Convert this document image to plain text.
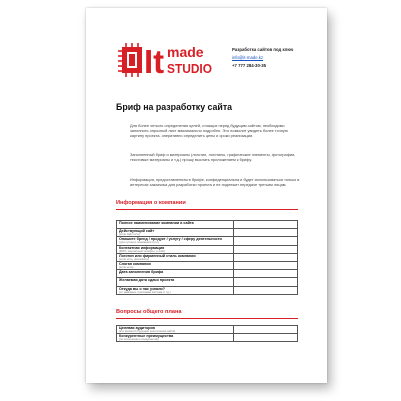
It made
STUDIO
Разработка сайтов под ключ
info@it-made.kz
+7 777 284-30-35
Бриф на разработку сайта
Для более четкого определения целей, стоящих перед будущим сайтом, необходимо заполнить опросный лист максимально подробно. Это позволит увидеть более точную картину проекта, оперативно определить цены и сроки реализации.
Заполненный бриф и материалы (логотип, логотипы, графические элементы, фотографии, текстовые материалы и т.д.) прошу выслать приложением к брифу.
Информация, предоставленная в брифе, конфиденциальна и будет использоваться только в интересах заказчика для разработки проекта и не подлежит передаче третьим лицам.
Информация о компании
Полное наименование компании и сайта	

Действующий сайт
(если сайт есть)	

Опишите бренд / продукт / услугу / сферу деятельности
(для лучшего понимания сути)	

Контактная информация
(ФИО, контактный телефон, e-mail)	

Логотип или фирменный стиль компании
(если есть, приложите)	

Слоган компании
(если есть)	

Дата заполнения брифа	

Желаемая дата сдачи проекта	

Откуда вы о нас узнали?
(от знакомых, поисковая система и т.д.)	

Вопросы общего плана
Целевая аудитория
(кто является будущим посетителем сайта)	

Конкурентные преимущества
(по отношению к конкурентам)	
